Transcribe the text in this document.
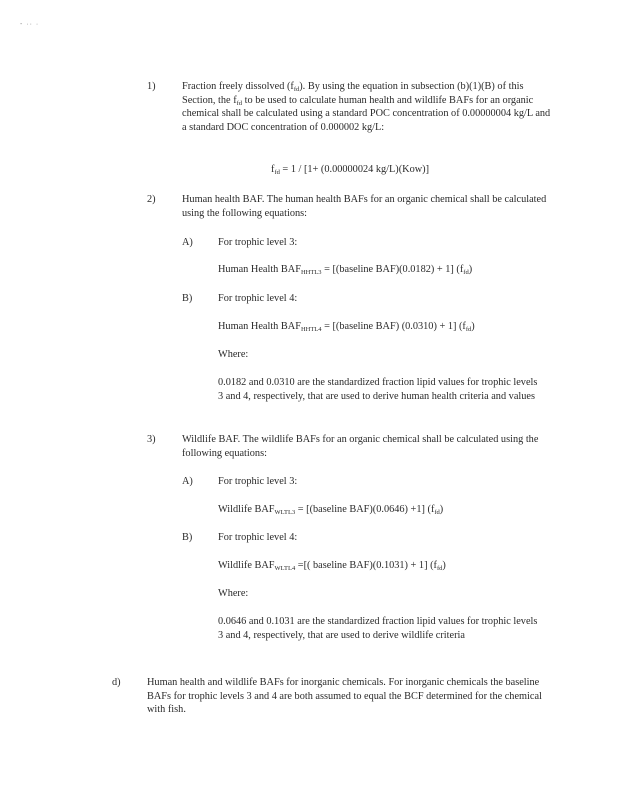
- ·· ·
1)	Fraction freely dissolved $(f_{fd})$. By using the equation in subsection (b)(1)(B) of this Section, the $f_{fd}$ to be used to calculate human health and wildlife BAFs for an organic chemical shall be calculated using a standard POC concentration of 0.00000004 kg/L and a standard DOC concentration of 0.000002 kg/L:

$f_{fd} = 1 / [1+ (0.00000024$ kg/L)(Kow)]
2)	Human health BAF. The human health BAFs for an organic chemical shall be calculated using the following equations:

A)	For trophic level 3:
Human Health $BAF_{HHTL3}$ = [(baseline BAF)(0.0182) + 1] $(f_{fd})$
B)	For trophic level 4:
Human Health $BAF_{HHTL4}$ = [(baseline BAF) (0.0310) + 1] $(f_{fd})$
Where:

0.0182 and 0.0310 are the standardized fraction lipid values for trophic levels 3 and 4, respectively, that are used to derive human health criteria and values

3)	Wildlife BAF. The wildlife BAFs for an organic chemical shall be calculated using the following equations:

A)	For trophic level 3:
Wildlife $BAF_{WLTL3}$ = [(baseline BAF)(0.0646) +1] $(f_{fd})$
B)	For trophic level 4:
Wildlife $BAF_{WLTL4}$ =[( baseline BAF)(0.1031) + 1] $(f_{fd})$
Where:

0.0646 and 0.1031 are the standardized fraction lipid values for trophic levels 3 and 4, respectively, that are used to derive wildlife criteria

d)	Human health and wildlife BAFs for inorganic chemicals. For inorganic chemicals the baseline BAFs for trophic levels 3 and 4 are both assumed to equal the BCF determined for the chemical with fish.
